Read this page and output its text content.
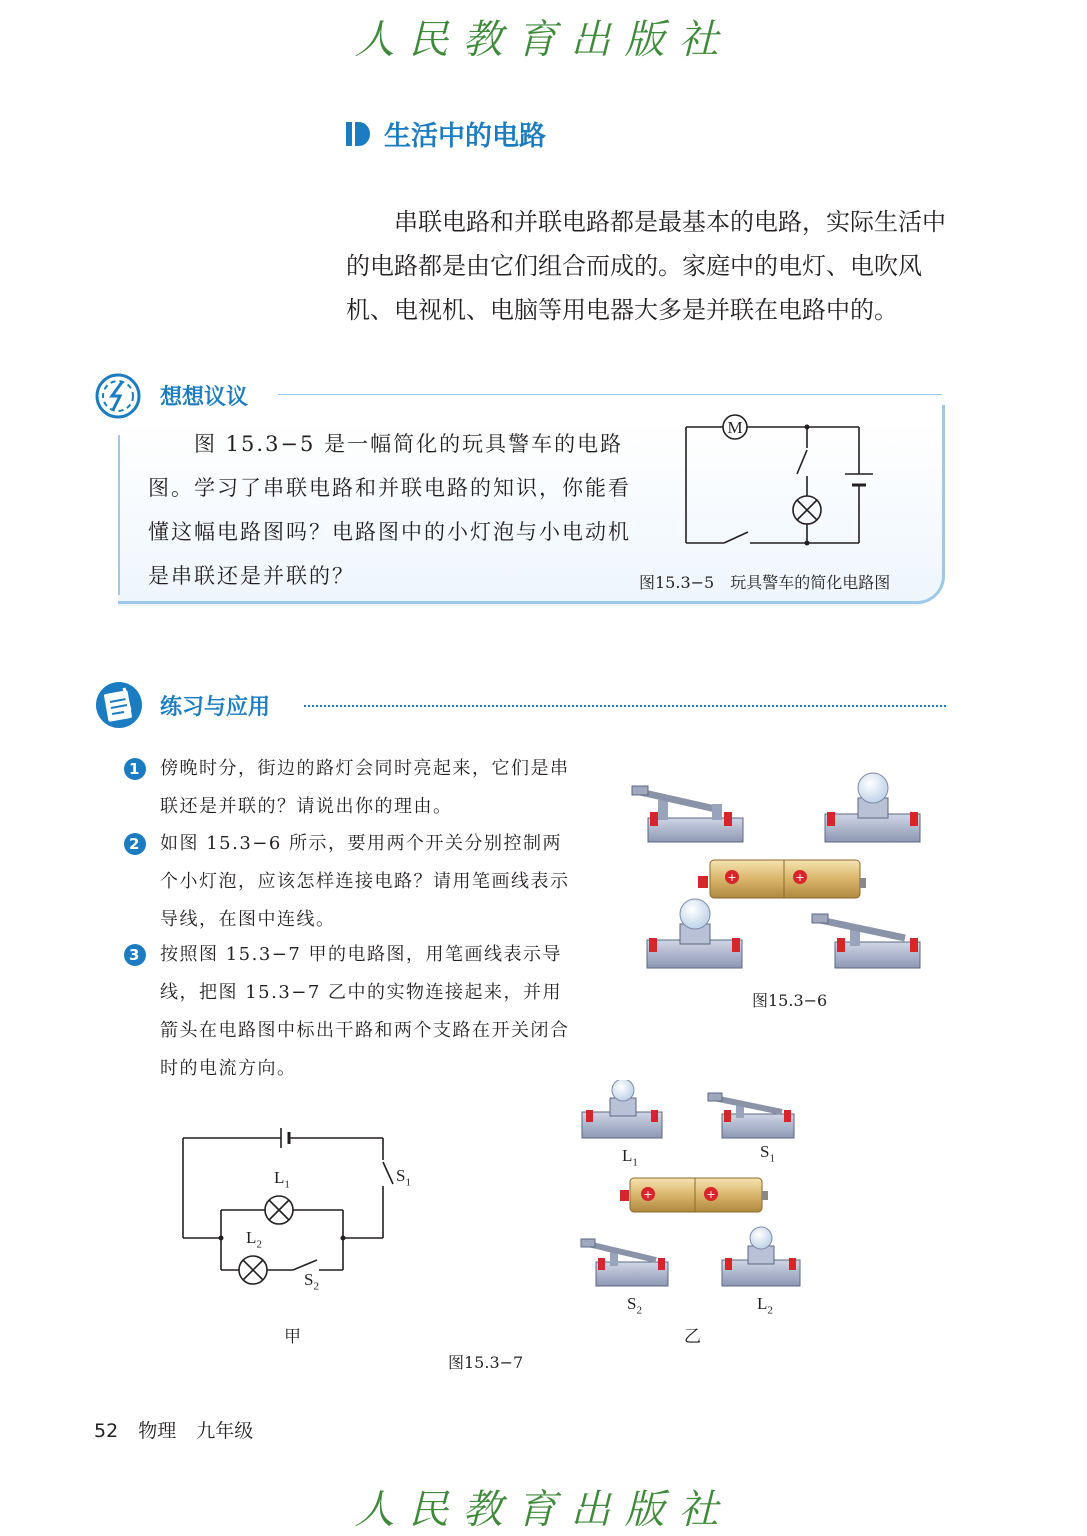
人民教育出版社
生活中的电路
串联电路和并联电路都是最基本的电路，实际生活中的电路都是由它们组合而成的。家庭中的电灯、电吹风机、电视机、电脑等用电器大多是并联在电路中的。
想想议议
图 15.3−5 是一幅简化的玩具警车的电路图。学习了串联电路和并联电路的知识，你能看懂这幅电路图吗？电路图中的小灯泡与小电动机是串联还是并联的？
M
图15.3−5　玩具警车的简化电路图
练习与应用
1 傍晚时分，街边的路灯会同时亮起来，它们是串联还是并联的？请说出你的理由。
2 如图 15.3−6 所示，要用两个开关分别控制两个小灯泡，应该怎样连接电路？请用笔画线表示导线，在图中连线。
3 按照图 15.3−7 甲的电路图，用笔画线表示导线，把图 15.3−7 乙中的实物连接起来，并用箭头在电路图中标出干路和两个支路在开关闭合时的电流方向。
+	+
图15.3−6
$L_1$	$S_1$
$L_2$
$S_2$
甲
+	+
$L_1$
$S_1$
$S_2$	$L_2$
乙
图15.3−7
52 物理 九年级
人民教育出版社
